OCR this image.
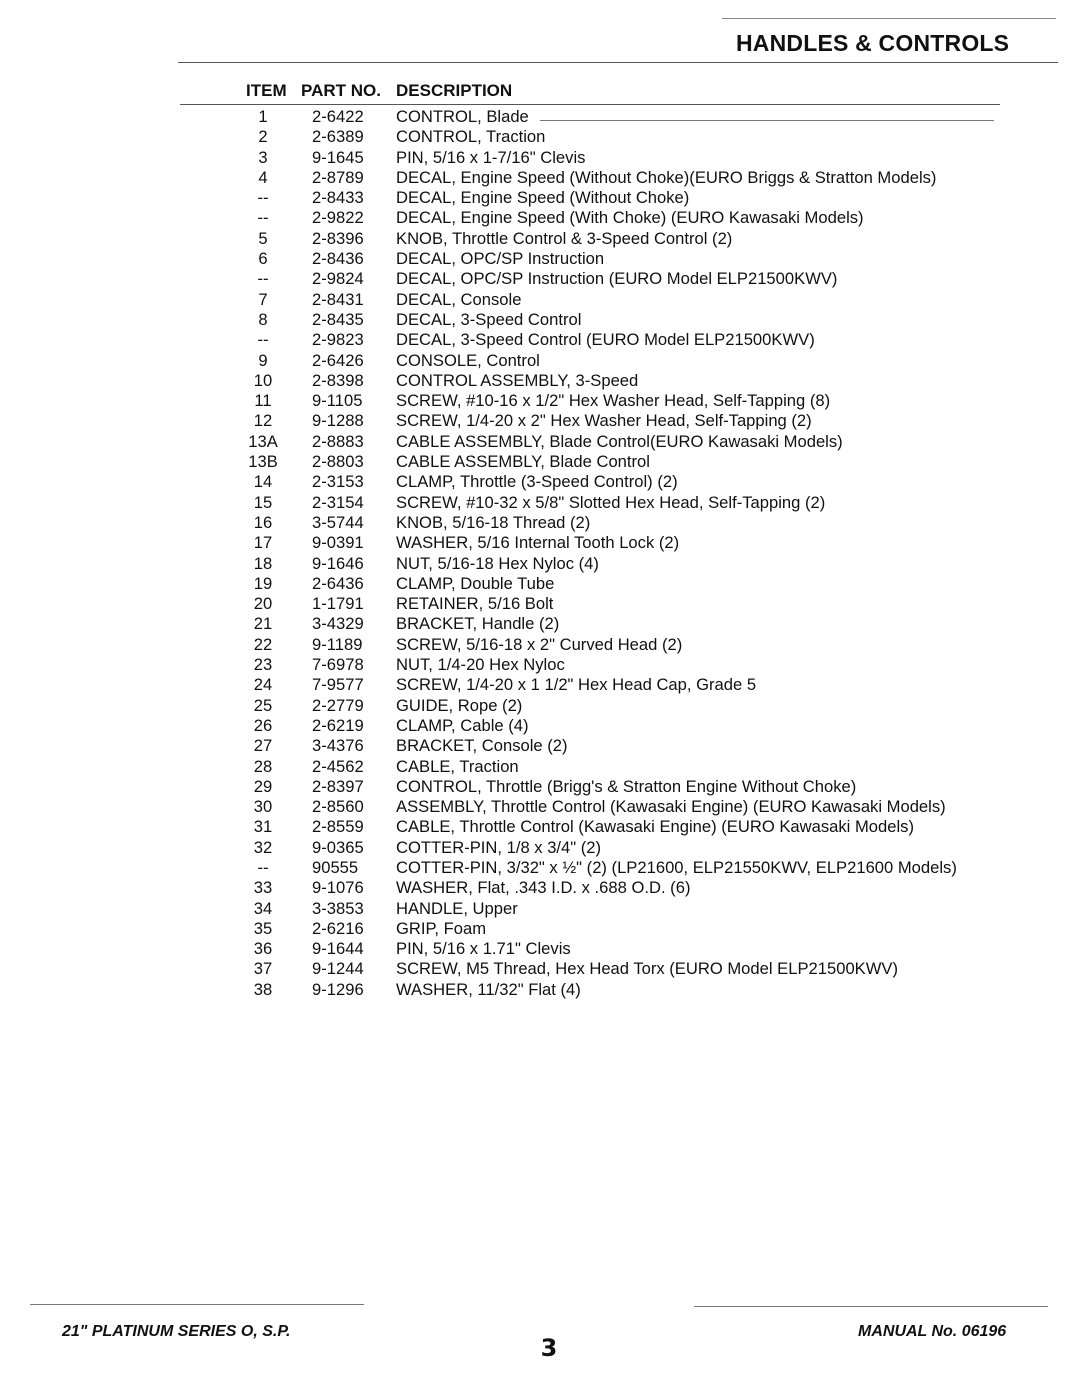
HANDLES & CONTROLS
ITEM PART NO. DESCRIPTION
1	2-6422 CONTROL, Blade
2	2-6389 CONTROL, Traction
3	9-1645 PIN, 5/16 x 1-7/16" Clevis
4	2-8789 DECAL, Engine Speed (Without Choke)(EURO Briggs & Stratton Models)
--	2-8433 DECAL, Engine Speed (Without Choke)
--	2-9822 DECAL, Engine Speed (With Choke) (EURO Kawasaki Models)
5	2-8396 KNOB, Throttle Control & 3-Speed Control (2)
6	2-8436 DECAL, OPC/SP Instruction
--	2-9824 DECAL, OPC/SP Instruction (EURO Model ELP21500KWV)
7	2-8431 DECAL, Console
8	2-8435 DECAL, 3-Speed Control
--	2-9823 DECAL, 3-Speed Control (EURO Model ELP21500KWV)
9	2-6426 CONSOLE, Control
10	2-8398 CONTROL ASSEMBLY, 3-Speed
11	9-1105 SCREW, #10-16 x 1/2" Hex Washer Head, Self-Tapping (8)
12	9-1288 SCREW, 1/4-20 x 2" Hex Washer Head, Self-Tapping (2)
13A	2-8883 CABLE ASSEMBLY, Blade Control(EURO Kawasaki Models)
13B	2-8803 CABLE ASSEMBLY, Blade Control
14	2-3153 CLAMP, Throttle (3-Speed Control) (2)
15	2-3154 SCREW, #10-32 x 5/8" Slotted Hex Head, Self-Tapping (2)
16	3-5744 KNOB, 5/16-18 Thread (2)
17	9-0391 WASHER, 5/16 Internal Tooth Lock (2)
18	9-1646 NUT, 5/16-18 Hex Nyloc (4)
19	2-6436 CLAMP, Double Tube
20	1-1791 RETAINER, 5/16 Bolt
21	3-4329 BRACKET, Handle (2)
22	9-1189 SCREW, 5/16-18 x 2" Curved Head (2)
23	7-6978 NUT, 1/4-20 Hex Nyloc
24	7-9577 SCREW, 1/4-20 x 1 1/2" Hex Head Cap, Grade 5
25	2-2779 GUIDE, Rope (2)
26	2-6219 CLAMP, Cable (4)
27	3-4376 BRACKET, Console (2)
28	2-4562 CABLE, Traction
29	2-8397 CONTROL, Throttle (Brigg's & Stratton Engine Without Choke)
30	2-8560 ASSEMBLY, Throttle Control (Kawasaki Engine) (EURO Kawasaki Models)
31	2-8559 CABLE, Throttle Control (Kawasaki Engine) (EURO Kawasaki Models)
32	9-0365 COTTER-PIN, 1/8 x 3/4" (2)
--	90555 COTTER-PIN, 3/32" x ½" (2) (LP21600, ELP21550KWV, ELP21600 Models)
33	9-1076 WASHER, Flat, .343 I.D. x .688 O.D. (6)
34	3-3853 HANDLE, Upper
35	2-6216 GRIP, Foam
36	9-1644 PIN, 5/16 x 1.71" Clevis
37	9-1244 SCREW, M5 Thread, Hex Head Torx (EURO Model ELP21500KWV)
38	9-1296 WASHER, 11/32" Flat (4)
21" PLATINUM SERIES O, S.P.
3
MANUAL No. 06196
